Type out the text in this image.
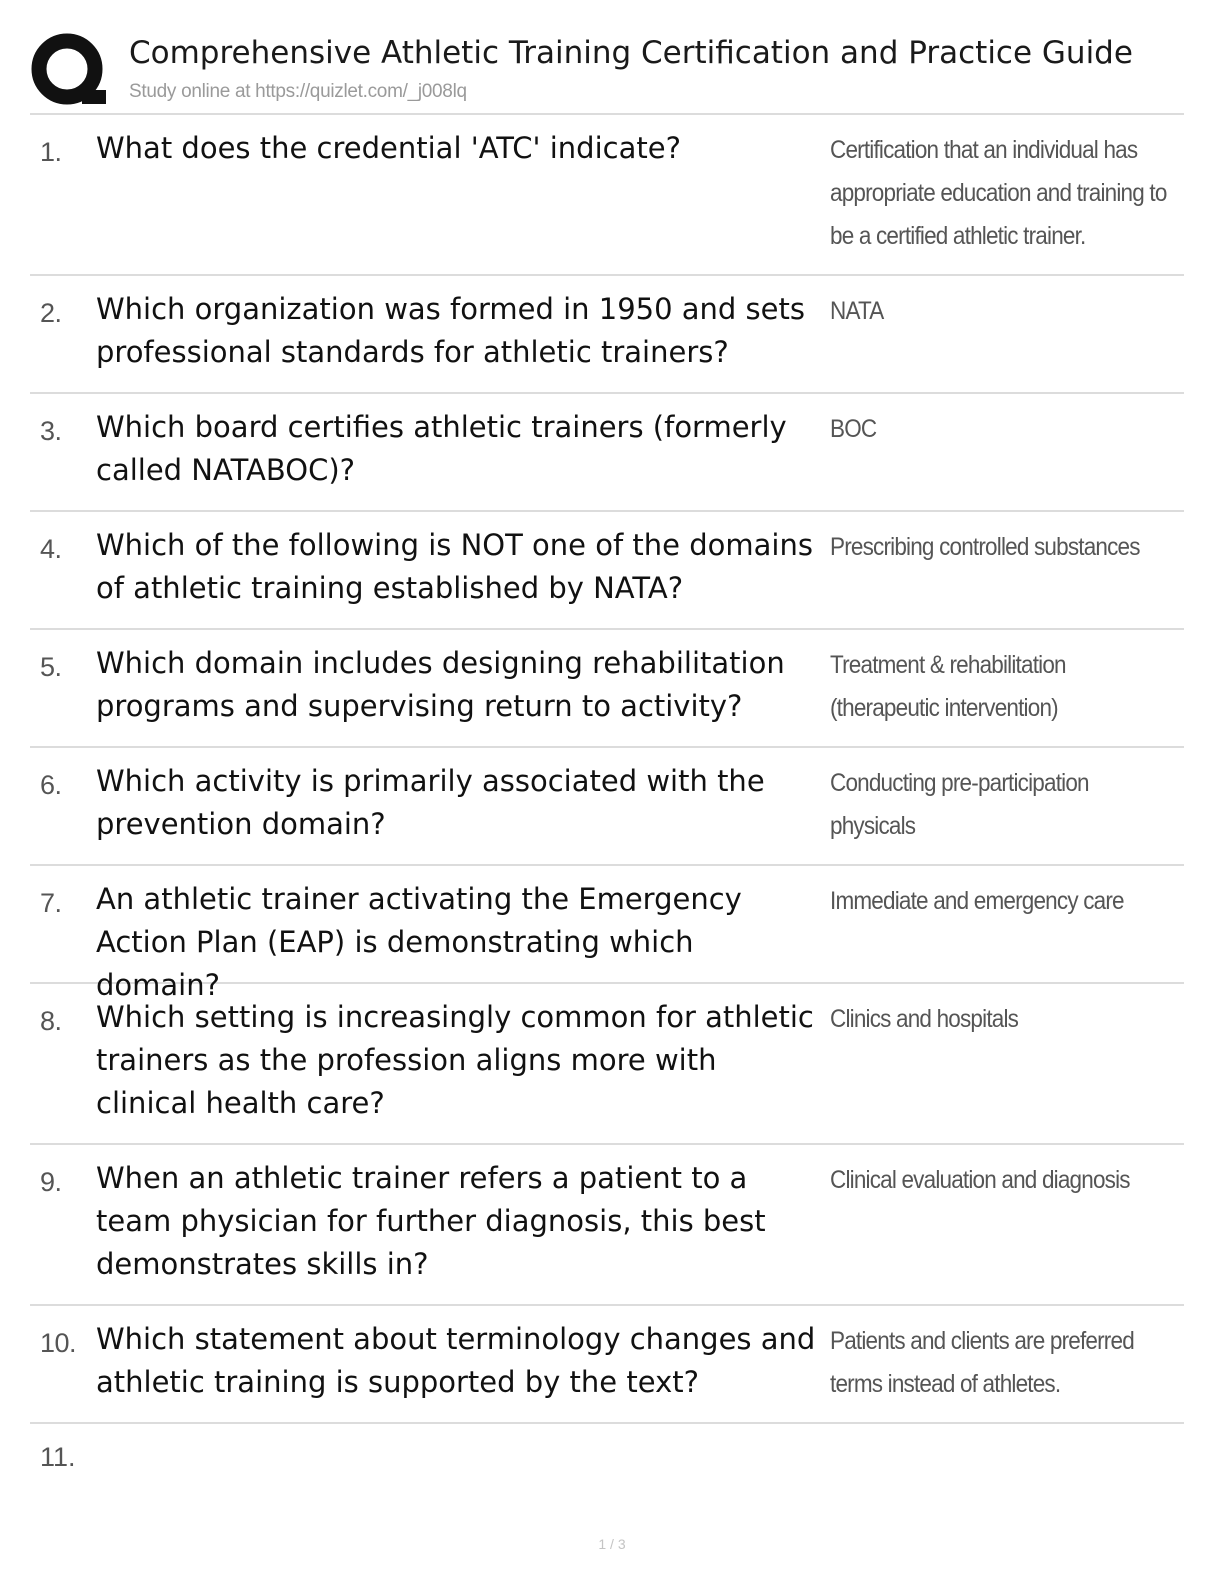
Comprehensive Athletic Training Certification and Practice Guide
Study online at https://quizlet.com/_j008lq
1. What does the credential 'ATC' indicate?	Certification that an individual has appropriate education and training to be a certified athletic trainer.
2. Which organization was formed in 1950 and sets professional standards for athletic trainers?
NATA
3. Which board certifies athletic trainers (formerly called NATABOC)?
BOC
4. Which of the following is NOT one of the domains of athletic training established by NATA?
Prescribing controlled substances
5. Which domain includes designing rehabilitation programs and supervising return to activity?
Treatment & rehabilitation (therapeutic intervention)
6. Which activity is primarily associated with the prevention domain?
Conducting pre-participation physicals
7. An athletic trainer activating the Emergency Action Plan (EAP) is demonstrating which domain?
Immediate and emergency care
8. Which setting is increasingly common for athletic trainers as the profession aligns more with clinical health care?
Clinics and hospitals
9. When an athletic trainer refers a patient to a team physician for further diagnosis, this best demonstrates skills in?
Clinical evaluation and diagnosis
10. Which statement about terminology changes and athletic training is supported by the text?
Patients and clients are preferred terms instead of athletes.
11.
1 / 3
